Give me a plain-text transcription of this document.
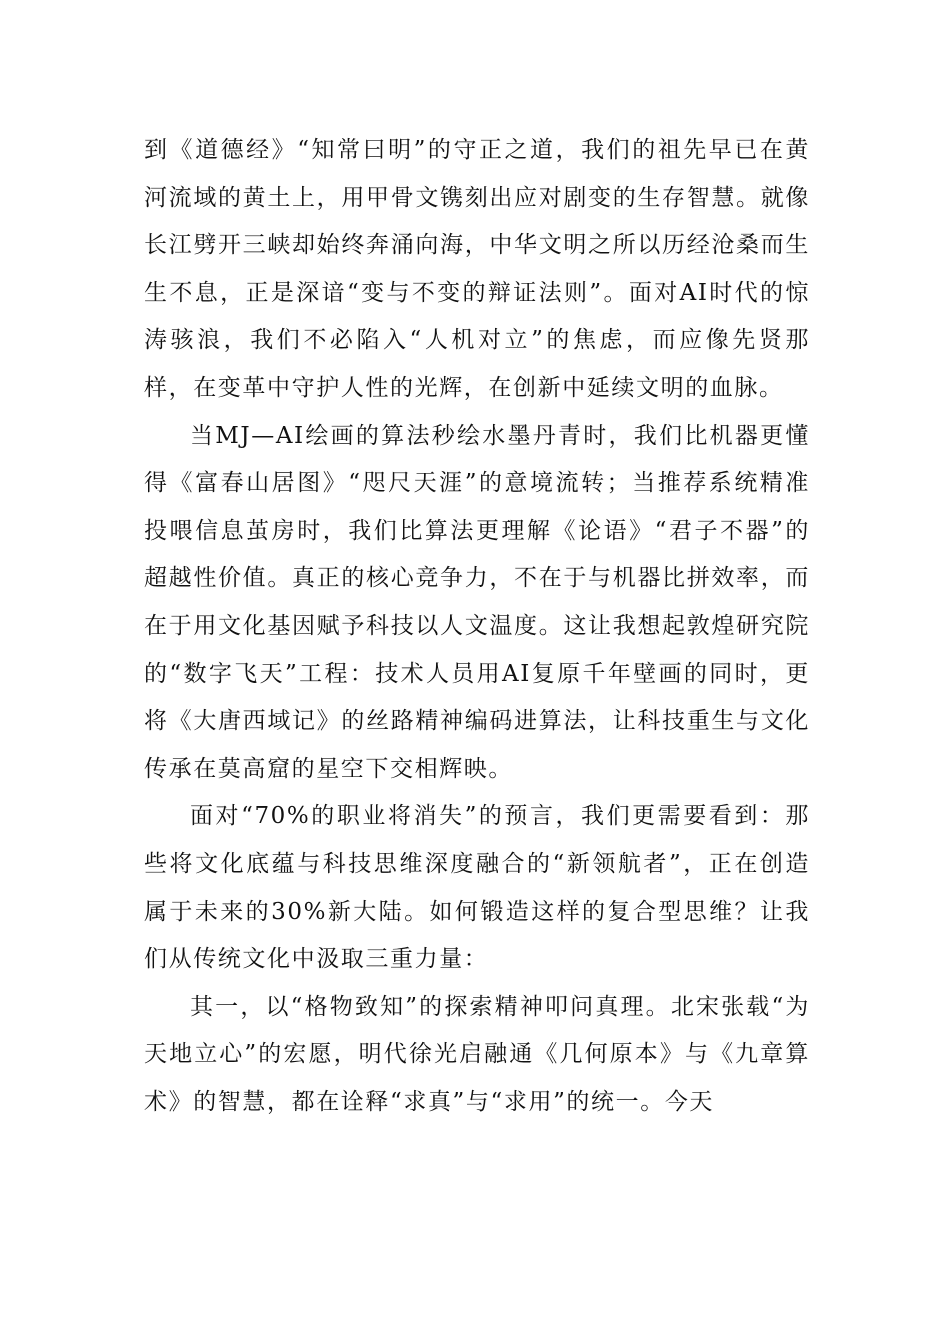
到《道德经》“知常曰明”的守正之道，我们的祖先早已在黄河流域的黄土上，用甲骨文镌刻出应对剧变的生存智慧。就像长江劈开三峡却始终奔涌向海，中华文明之所以历经沧桑而生生不息，正是深谙“变与不变的辩证法则”。面对AI时代的惊涛骇浪，我们不必陷入“人机对立”的焦虑，而应像先贤那样，在变革中守护人性的光辉，在创新中延续文明的血脉。

当MJ—AI绘画的算法秒绘水墨丹青时，我们比机器更懂得《富春山居图》“咫尺天涯”的意境流转；当推荐系统精准投喂信息茧房时，我们比算法更理解《论语》“君子不器”的超越性价值。真正的核心竞争力，不在于与机器比拼效率，而在于用文化基因赋予科技以人文温度。这让我想起敦煌研究院的“数字飞天”工程：技术人员用AI复原千年壁画的同时，更将《大唐西域记》的丝路精神编码进算法，让科技重生与文化传承在莫高窟的星空下交相辉映。

面对“70%的职业将消失”的预言，我们更需要看到：那些将文化底蕴与科技思维深度融合的“新领航者”，正在创造属于未来的30%新大陆。如何锻造这样的复合型思维？让我们从传统文化中汲取三重力量：

其一，以“格物致知”的探索精神叩问真理。北宋张载“为天地立心”的宏愿，明代徐光启融通《几何原本》与《九章算术》的智慧，都在诠释“求真”与“求用”的统一。今天
